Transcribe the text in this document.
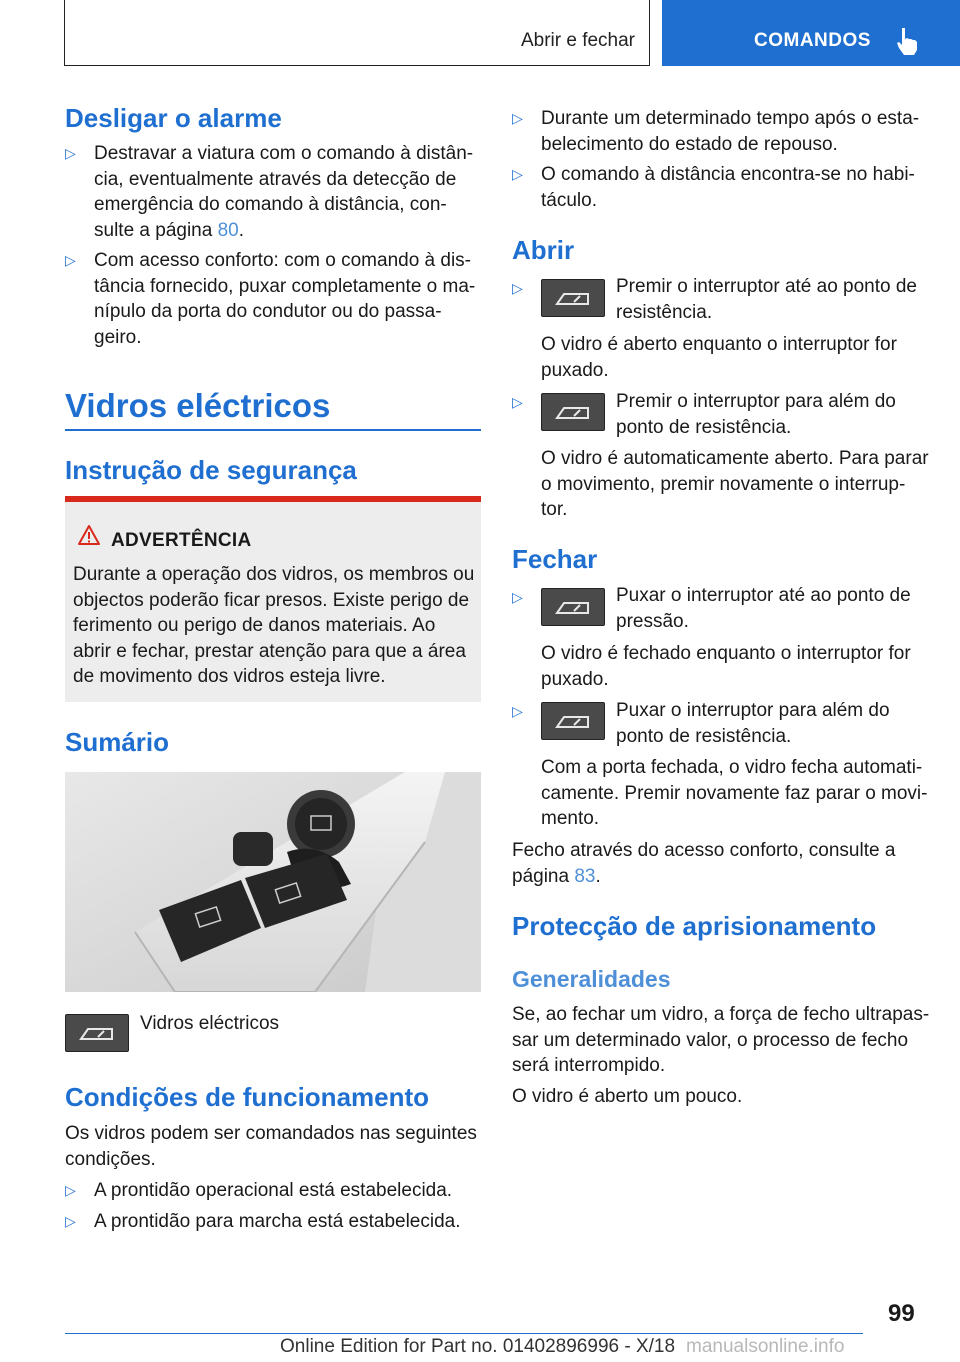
Abrir e fechar	COMANDOS
Desligar o alarme
▷ Destravar a viatura com o comando à distân-
cia, eventualmente através da detecção de
emergência do comando à distância, con-
sulte a página 80.
▷ Com acesso conforto: com o comando à dis-
tância fornecido, puxar completamente o ma-
nípulo da porta do condutor ou do passa-
geiro.
Vidros eléctricos
Instrução de segurança
ADVERTÊNCIA
Durante a operação dos vidros, os membros ou objectos poderão ficar presos. Existe perigo de ferimento ou perigo de danos materiais. Ao abrir e fechar, prestar atenção para que a área de movimento dos vidros esteja livre.
Sumário
Vidros eléctricos
Condições de funcionamento
Os vidros podem ser comandados nas seguintes condições.
▷ A prontidão operacional está estabelecida.
▷ A prontidão para marcha está estabelecida.
▷ Durante um determinado tempo após o esta-
belecimento do estado de repouso.
▷ O comando à distância encontra-se no habi-
táculo.
Abrir
▷	Premir o interruptor até ao ponto de
resistência.
O vidro é aberto enquanto o interruptor for
puxado.
▷	Premir o interruptor para além do
ponto de resistência.
O vidro é automaticamente aberto. Para parar
o movimento, premir novamente o interrup-
tor.
Fechar
▷	Puxar o interruptor até ao ponto de
pressão.
O vidro é fechado enquanto o interruptor for
puxado.
▷	Puxar o interruptor para além do
ponto de resistência.
Com a porta fechada, o vidro fecha automati-
camente. Premir novamente faz parar o movi-
mento.
Fecho através do acesso conforto, consulte a
página 83.
Protecção de aprisionamento
Generalidades
Se, ao fechar um vidro, a força de fecho ultrapas-
sar um determinado valor, o processo de fecho
será interrompido.
O vidro é aberto um pouco.
99
Online Edition for Part no. 01402896996 - X/18 manualsonline.info
